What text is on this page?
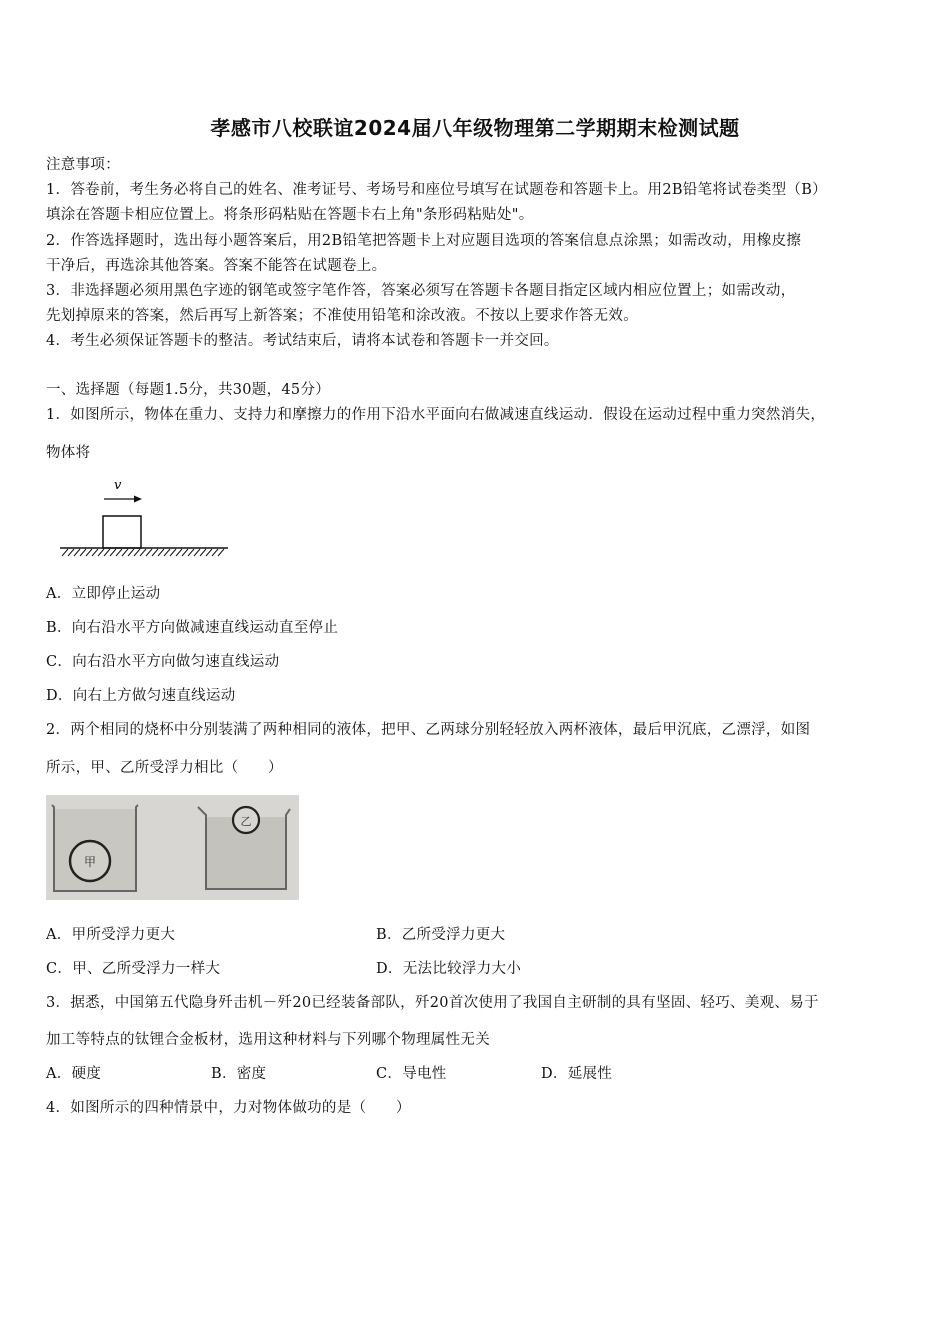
孝感市八校联谊2024届八年级物理第二学期期末检测试题
注意事项：
1．答卷前，考生务必将自己的姓名、准考证号、考场号和座位号填写在试题卷和答题卡上。用2B铅笔将试卷类型（B）
填涂在答题卡相应位置上。将条形码粘贴在答题卡右上角"条形码粘贴处"。
2．作答选择题时，选出每小题答案后，用2B铅笔把答题卡上对应题目选项的答案信息点涂黑；如需改动，用橡皮擦
干净后，再选涂其他答案。答案不能答在试题卷上。
3．非选择题必须用黑色字迹的钢笔或签字笔作答，答案必须写在答题卡各题目指定区域内相应位置上；如需改动，
先划掉原来的答案，然后再写上新答案；不准使用铅笔和涂改液。不按以上要求作答无效。
4．考生必须保证答题卡的整洁。考试结束后，请将本试卷和答题卡一并交回。
一、选择题（每题1.5分，共30题，45分）
1．如图所示，物体在重力、支持力和摩擦力的作用下沿水平面向右做减速直线运动．假设在运动过程中重力突然消失，
物体将
v
A．立即停止运动
B．向右沿水平方向做减速直线运动直至停止
C．向右沿水平方向做匀速直线运动
D．向右上方做匀速直线运动
2．两个相同的烧杯中分别装满了两种相同的液体，把甲、乙两球分别轻轻放入两杯液体，最后甲沉底，乙漂浮，如图
所示，甲、乙所受浮力相比（　　）
甲
乙
A．甲所受浮力更大	B．乙所受浮力更大
C．甲、乙所受浮力一样大	D．无法比较浮力大小
3．据悉，中国第五代隐身歼击机－歼20已经装备部队，歼20首次使用了我国自主研制的具有坚固、轻巧、美观、易于
加工等特点的钛锂合金板材，选用这种材料与下列哪个物理属性无关
A．硬度	B．密度	C．导电性	D．延展性
4．如图所示的四种情景中，力对物体做功的是（　　）
